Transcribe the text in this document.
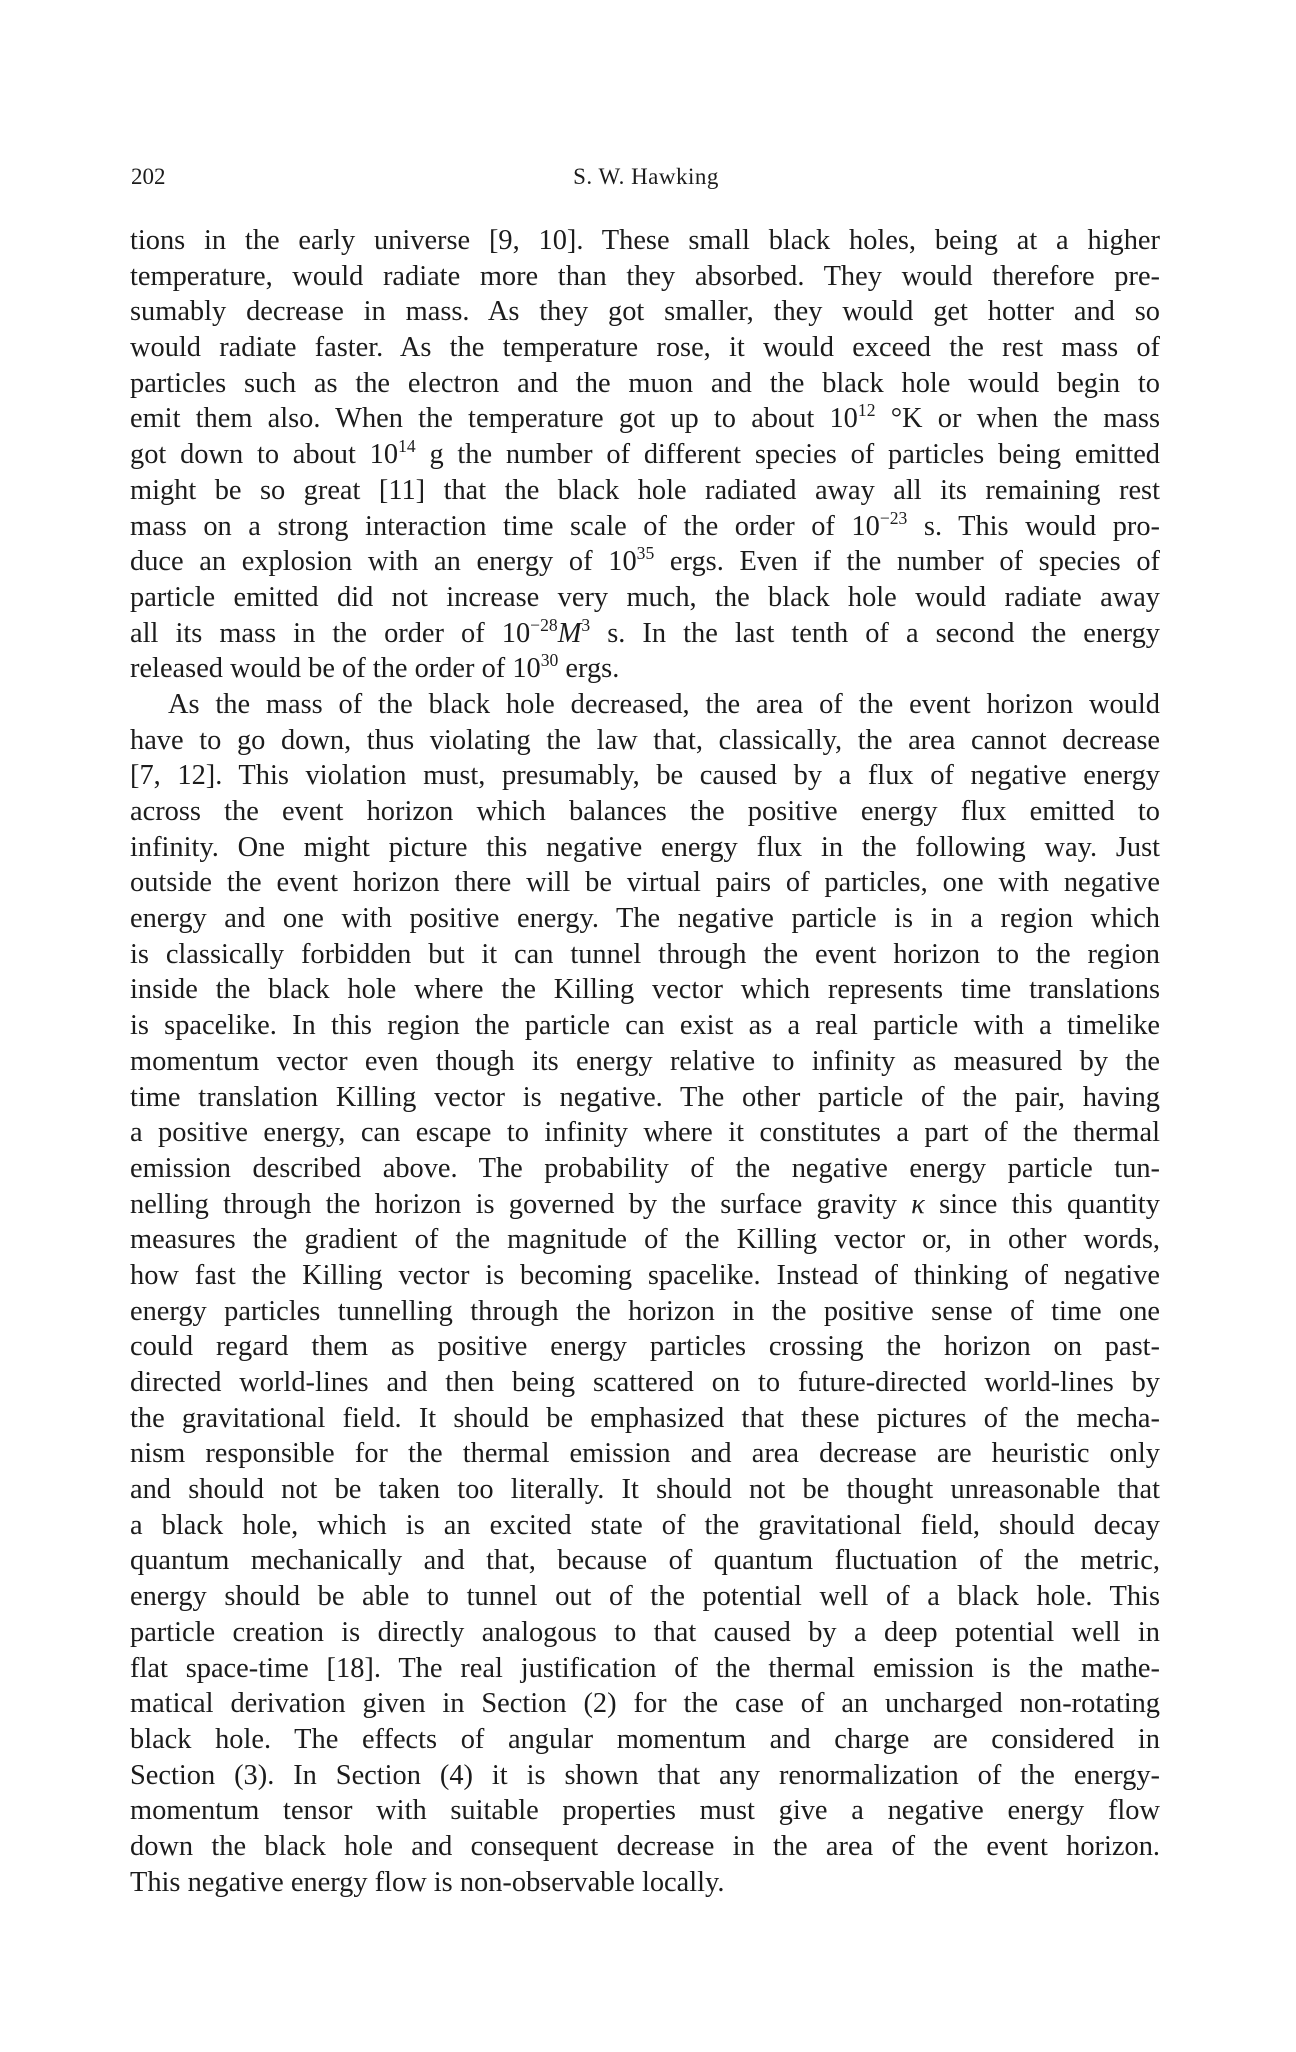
202	S. W. Hawking
tions in the early universe [9, 10]. These small black holes, being at a higher
temperature, would radiate more than they absorbed. They would therefore pre-
sumably decrease in mass. As they got smaller, they would get hotter and so
would radiate faster. As the temperature rose, it would exceed the rest mass of
particles such as the electron and the muon and the black hole would begin to
emit them also. When the temperature got up to about $10^{12}$ °K or when the mass
got down to about $10^{14}$ g the number of different species of particles being emitted
might be so great [11] that the black hole radiated away all its remaining rest
mass on a strong interaction time scale of the order of $10^{-23}$ s. This would pro-
duce an explosion with an energy of $10^{35}$ ergs. Even if the number of species of
particle emitted did not increase very much, the black hole would radiate away
all its mass in the order of $10^{-28}M^3$ s. In the last tenth of a second the energy
released would be of the order of $10^{30}$ ergs.
As the mass of the black hole decreased, the area of the event horizon would
have to go down, thus violating the law that, classically, the area cannot decrease
[7, 12]. This violation must, presumably, be caused by a flux of negative energy
across the event horizon which balances the positive energy flux emitted to
infinity. One might picture this negative energy flux in the following way. Just
outside the event horizon there will be virtual pairs of particles, one with negative
energy and one with positive energy. The negative particle is in a region which
is classically forbidden but it can tunnel through the event horizon to the region
inside the black hole where the Killing vector which represents time translations
is spacelike. In this region the particle can exist as a real particle with a timelike
momentum vector even though its energy relative to infinity as measured by the
time translation Killing vector is negative. The other particle of the pair, having
a positive energy, can escape to infinity where it constitutes a part of the thermal
emission described above. The probability of the negative energy particle tun-
nelling through the horizon is governed by the surface gravity κ since this quantity
measures the gradient of the magnitude of the Killing vector or, in other words,
how fast the Killing vector is becoming spacelike. Instead of thinking of negative
energy particles tunnelling through the horizon in the positive sense of time one
could regard them as positive energy particles crossing the horizon on past-
directed world-lines and then being scattered on to future-directed world-lines by
the gravitational field. It should be emphasized that these pictures of the mecha-
nism responsible for the thermal emission and area decrease are heuristic only
and should not be taken too literally. It should not be thought unreasonable that
a black hole, which is an excited state of the gravitational field, should decay
quantum mechanically and that, because of quantum fluctuation of the metric,
energy should be able to tunnel out of the potential well of a black hole. This
particle creation is directly analogous to that caused by a deep potential well in
flat space-time [18]. The real justification of the thermal emission is the mathe-
matical derivation given in Section (2) for the case of an uncharged non-rotating
black hole. The effects of angular momentum and charge are considered in
Section (3). In Section (4) it is shown that any renormalization of the energy-
momentum tensor with suitable properties must give a negative energy flow
down the black hole and consequent decrease in the area of the event horizon.
This negative energy flow is non-observable locally.
